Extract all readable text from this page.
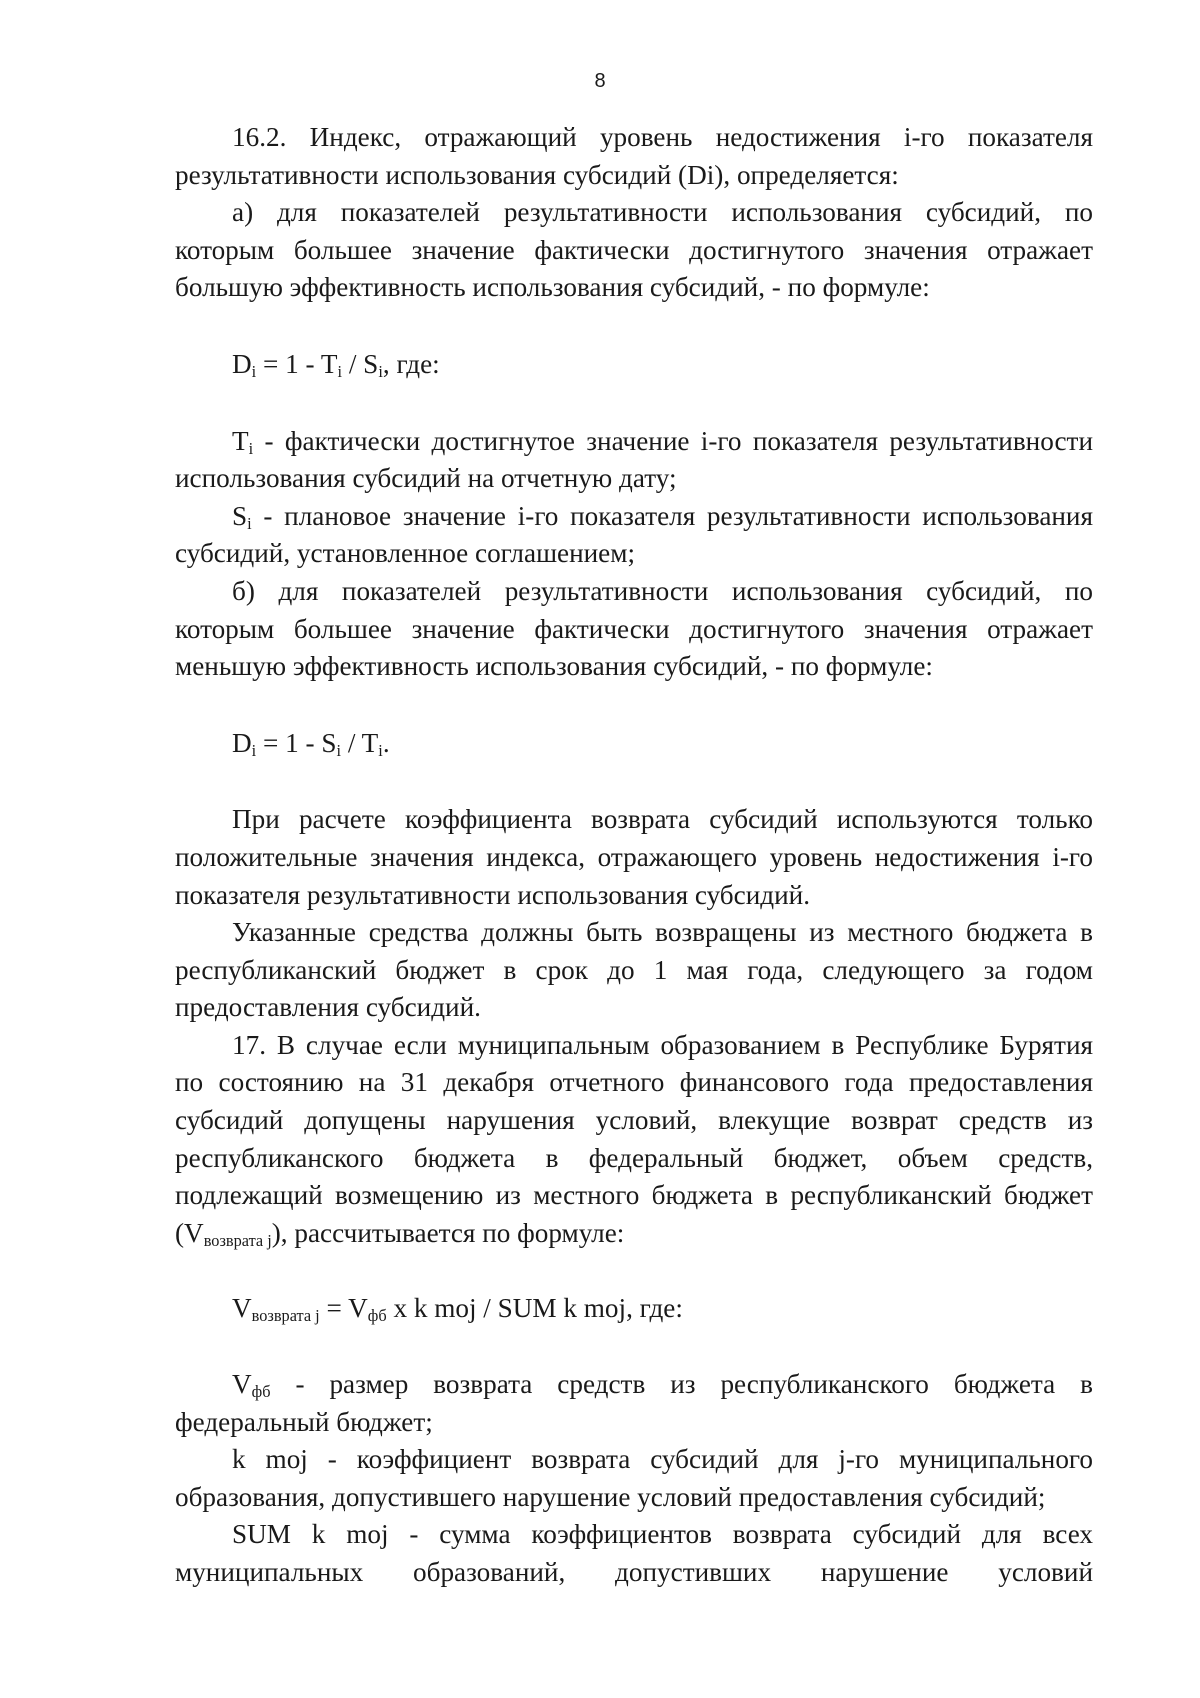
8

16.2. Индекс, отражающий уровень недостижения i-го показателя результативности использования субсидий (Di), определяется:

а) для показателей результативности использования субсидий, по которым большее значение фактически достигнутого значения отражает большую эффективность использования субсидий, - по формуле:

$D_i = 1 - T_i / S_i$, где:

$T_i$ - фактически достигнутое значение i-го показателя результативности использования субсидий на отчетную дату;

$S_i$ - плановое значение i-го показателя результативности использования субсидий, установленное соглашением;

б) для показателей результативности использования субсидий, по которым большее значение фактически достигнутого значения отражает меньшую эффективность использования субсидий, - по формуле:

$D_i = 1 - S_i / T_i$.

При расчете коэффициента возврата субсидий используются только положительные значения индекса, отражающего уровень недостижения i-го показателя результативности использования субсидий.

Указанные средства должны быть возвращены из местного бюджета в республиканский бюджет в срок до 1 мая года, следующего за годом предоставления субсидий.

17. В случае если муниципальным образованием в Республике Бурятия по состоянию на 31 декабря отчетного финансового года предоставления субсидий допущены нарушения условий, влекущие возврат средств из республиканского бюджета в федеральный бюджет, объем средств, подлежащий возмещению из местного бюджета в республиканский бюджет $(V_{возврата j})$, рассчитывается по формуле:

$V_{возврата j} = V_{фб}$ x k moj / SUM k moj, где:

$V_{фб}$ - размер возврата средств из республиканского бюджета в федеральный бюджет;

k moj - коэффициент возврата субсидий для j-го муниципального образования, допустившего нарушение условий предоставления субсидий;

SUM k moj - сумма коэффициентов возврата субсидий для всех муниципальных образований, допустивших нарушение условий
